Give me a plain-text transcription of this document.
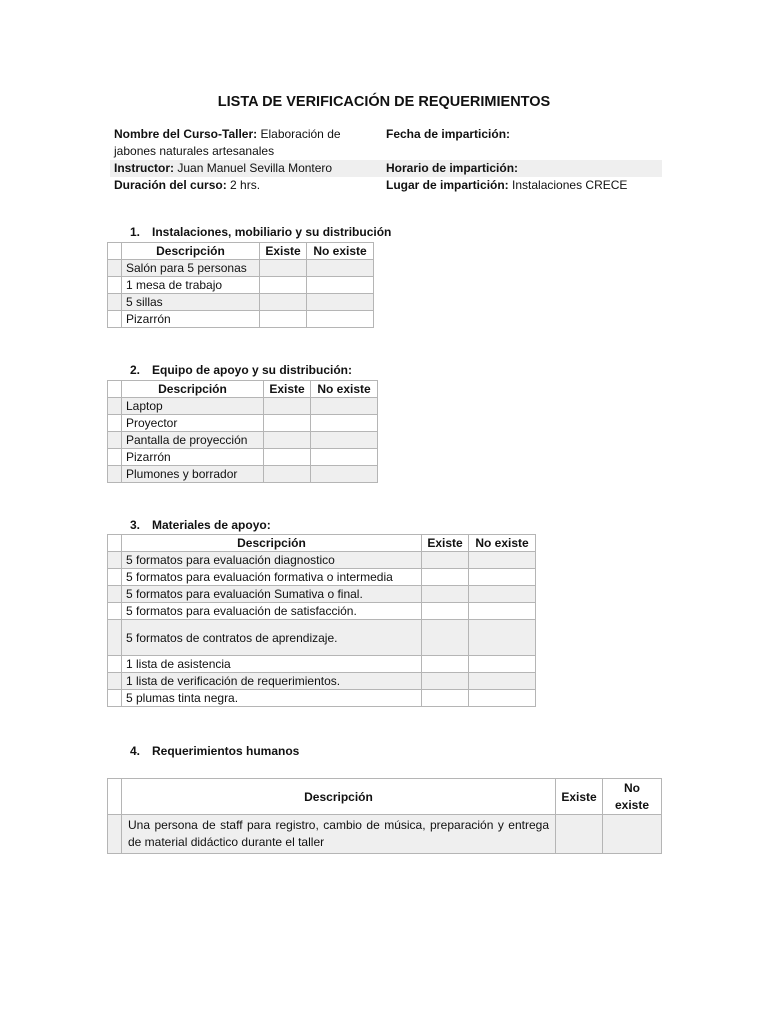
LISTA DE VERIFICACIÓN DE REQUERIMIENTOS
Nombre del Curso-Taller: Elaboración de
jabones naturales artesanales
Fecha de impartición:
Instructor: Juan Manuel Sevilla Montero	Horario de impartición:
Duración del curso: 2 hrs.	Lugar de impartición: Instalaciones CRECE
1. Instalaciones, mobiliario y su distribución
	Descripción	Existe	No existe
	Salón para 5 personas		
	1 mesa de trabajo		
	5 sillas		
	Pizarrón		
2. Equipo de apoyo y su distribución:
	Descripción	Existe	No existe
	Laptop		
	Proyector		
	Pantalla de proyección		
	Pizarrón		
	Plumones y borrador		
3. Materiales de apoyo:
	Descripción	Existe	No existe
	5 formatos para evaluación diagnostico		
	5 formatos para evaluación formativa o intermedia		
	5 formatos para evaluación Sumativa o final.		
	5 formatos para evaluación de satisfacción.		
	5 formatos de contratos de aprendizaje.		
	1 lista de asistencia		
	1 lista de verificación de requerimientos.		
	5 plumas tinta negra.		
4. Requerimientos humanos
	Descripción	Existe	No
existe
	Una persona de staff para registro, cambio de música, preparación y entrega de material didáctico durante el taller		
